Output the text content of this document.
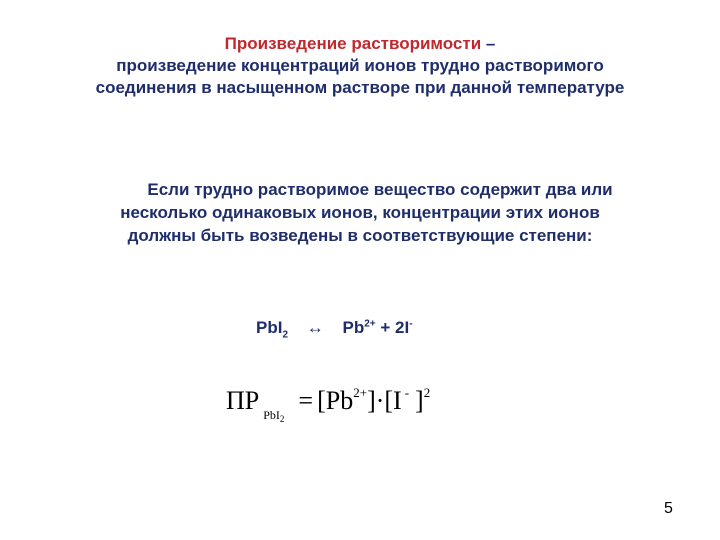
Произведение растворимости –
произведение концентраций ионов трудно растворимого
соединения в насыщенном растворе при данной температуре
Если трудно растворимое вещество содержит два или
несколько одинаковых ионов, концентрации этих ионов
должны быть возведены в соответствующие степени:
PbI$_2$ ↔ $Pb^{2+} + 2I^-$
ПР $_{PbI_2}= [Pb^{2+}]\cdot[I$ - ]$^2$
5
